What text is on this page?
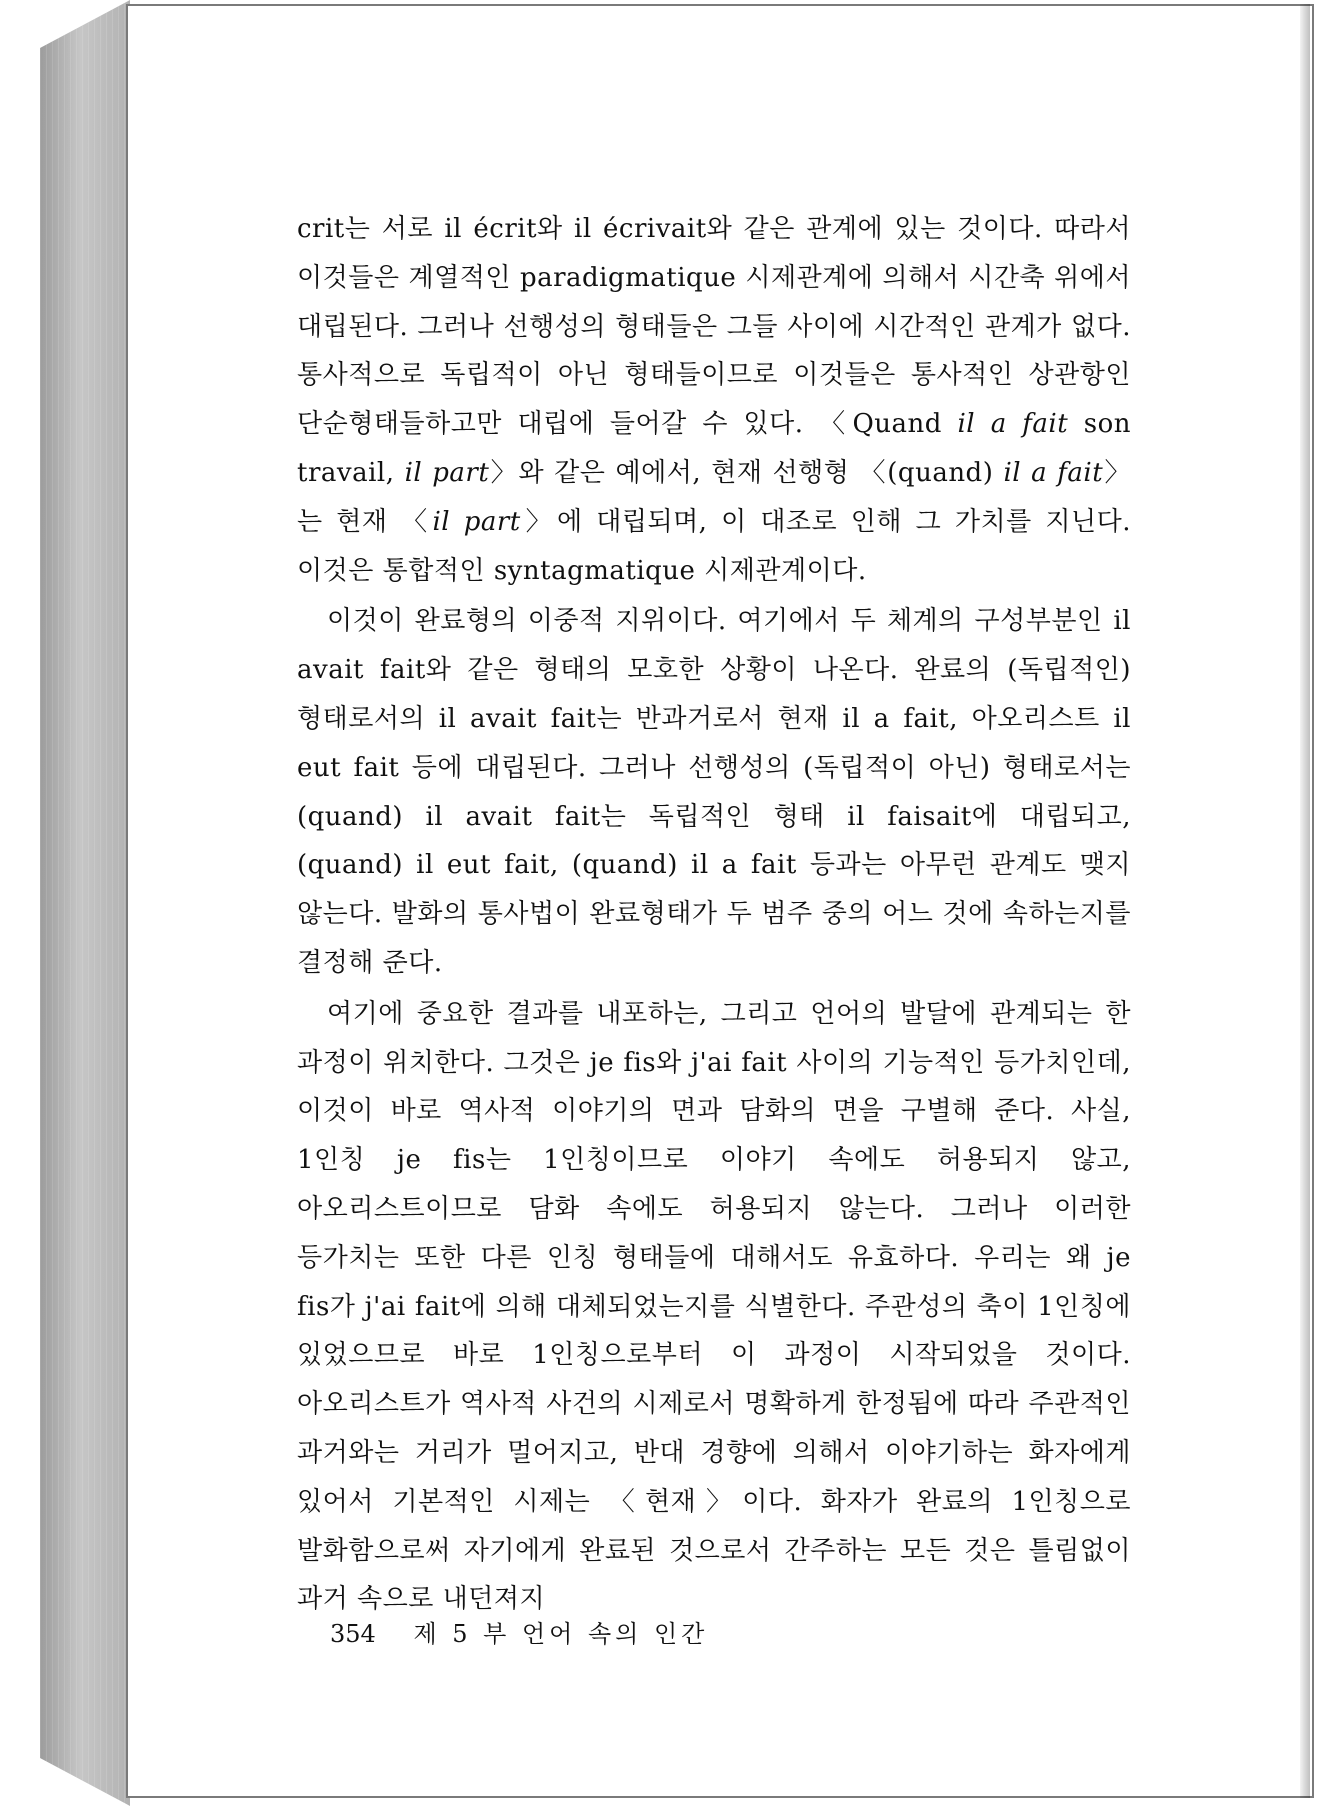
crit는 서로 il écrit와 il écrivait와 같은 관계에 있는 것이다. 따라서 이것들은 계열적인 paradigmatique 시제관계에 의해서 시간축 위에서 대립된다. 그러나 선행성의 형태들은 그들 사이에 시간적인 관계가 없다. 통사적으로 독립적이 아닌 형태들이므로 이것들은 통사적인 상관항인 단순형태들하고만 대립에 들어갈 수 있다. 〈Quand il a fait son travail, il part〉와 같은 예에서, 현재 선행형 〈(quand) il a fait〉는 현재 〈il part〉에 대립되며, 이 대조로 인해 그 가치를 지닌다. 이것은 통합적인 syntagmatique 시제관계이다.

이것이 완료형의 이중적 지위이다. 여기에서 두 체계의 구성부분인 il avait fait와 같은 형태의 모호한 상황이 나온다. 완료의 (독립적인) 형태로서의 il avait fait는 반과거로서 현재 il a fait, 아오리스트 il eut fait 등에 대립된다. 그러나 선행성의 (독립적이 아닌) 형태로서는 (quand) il avait fait는 독립적인 형태 il faisait에 대립되고, (quand) il eut fait, (quand) il a fait 등과는 아무런 관계도 맺지 않는다. 발화의 통사법이 완료형태가 두 범주 중의 어느 것에 속하는지를 결정해 준다.

여기에 중요한 결과를 내포하는, 그리고 언어의 발달에 관계되는 한 과정이 위치한다. 그것은 je fis와 j'ai fait 사이의 기능적인 등가치인데, 이것이 바로 역사적 이야기의 면과 담화의 면을 구별해 준다. 사실, 1인칭 je fis는 1인칭이므로 이야기 속에도 허용되지 않고, 아오리스트이므로 담화 속에도 허용되지 않는다. 그러나 이러한 등가치는 또한 다른 인칭 형태들에 대해서도 유효하다. 우리는 왜 je fis가 j'ai fait에 의해 대체되었는지를 식별한다. 주관성의 축이 1인칭에 있었으므로 바로 1인칭으로부터 이 과정이 시작되었을 것이다. 아오리스트가 역사적 사건의 시제로서 명확하게 한정됨에 따라 주관적인 과거와는 거리가 멀어지고, 반대 경향에 의해서 이야기하는 화자에게 있어서 기본적인 시제는 〈현재〉이다. 화자가 완료의 1인칭으로 발화함으로써 자기에게 완료된 것으로서 간주하는 모든 것은 틀림없이 과거 속으로 내던져지

354 제 5 부 언어 속의 인간
